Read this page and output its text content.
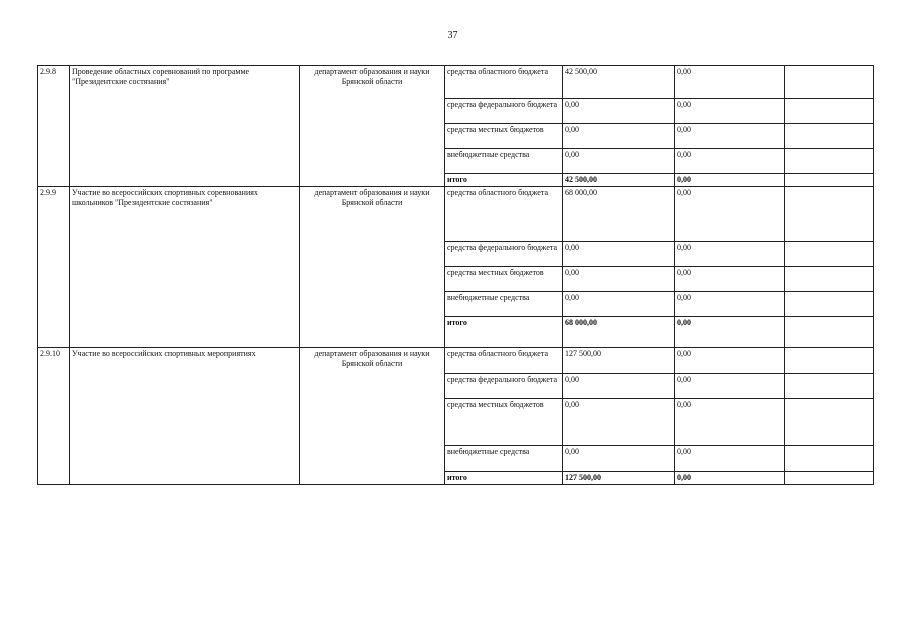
37
2.9.8	Проведение областных соревнований по программе "Президентские состязания"	департамент образования и науки Брянской области	средства областного бюджета	42 500,00	0,00	
			средства федерального бюджета	0,00	0,00	
			средства местных бюджетов	0,00	0,00	
			внебюджетные средства	0,00	0,00	
			итого	42 500,00	0,00	
2.9.9	Участие во всероссийских спортивных соревнованиях школьников "Президентские состязания"	департамент образования и науки Брянской области	средства областного бюджета	68 000,00	0,00	
			средства федерального бюджета	0,00	0,00	
			средства местных бюджетов	0,00	0,00	
			внебюджетные средства	0,00	0,00	
			итого	68 000,00	0,00	
2.9.10	Участие во всероссийских спортивных мероприятиях	департамент образования и науки Брянской области	средства областного бюджета	127 500,00	0,00	
			средства федерального бюджета	0,00	0,00	
			средства местных бюджетов	0,00	0,00	
			внебюджетные средства	0,00	0,00	
			итого	127 500,00	0,00	
